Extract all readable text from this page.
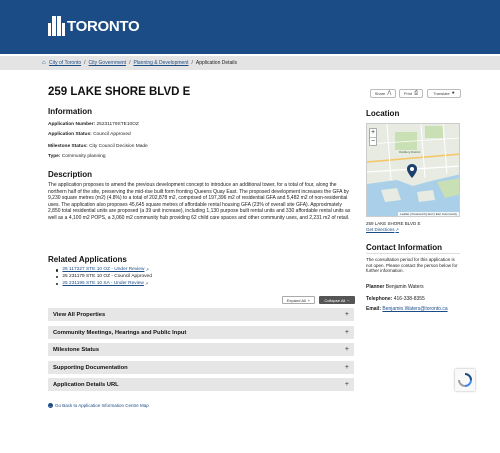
TORONTO
⌂ City of Toronto / City Government / Planning & Development / Application Details
259 LAKE SHORE BLVD E	Share ⋀	Print ⎙	Translate ●
Information
Application Number: 25231179STE10OZ
Application Status: Council Approved
Milestone Status: City Council Decision Made
Type: Community planning
Description

The application proposes to amend the previous development concept to introduce an additional tower, for a total of four, along the northern half of the site, preserving the mid-rise built form fronting Queens Quay East. The proposed development increases the GFA by 9,230 square metres (m2) (4.8%) to a total of 202,878 m2, comprised of 197,396 m2 of residential GFA and 5,482 m2 of non-residential uses. The application also proposes 45,645 square metres of affordable rental housing GFA (23% of overall site GFA). Approximately 2,850 total residential units are proposed (a 39 unit increase), including 1,130 purpose built rental units and 330 affordable rental units as well as a 4,100 m2 POPS, a 3,060 m2 community hub providing 62 child care spaces and other community uses, and 2,231 m2 of retail.

Related Applications
26 117227 STE 10 OZ - Under Review ↗
25 231179 STE 10 OZ - Council Approved
25 231195 STE 10 SA - Under Review ↗
Expand All +	Collapse All −
View All Properties	+
Community Meetings, Hearings and Public Input	+
Milestone Status	+
Supporting Documentation	+
Application Details URL	+
← Go Back to Application Information Centre Map
Location
+
−
Distillery District
Leaflet | Powered by Esri | Esri Community
259 LAKE SHORE BLVD E
Get Directions↗
Contact Information

The consultation period for this application is not open. Please contact the person below for further information.

Planner Benjamin Waters
Telephone: 416-338-8355
Email: Benjamin.Waters@toronto.ca
